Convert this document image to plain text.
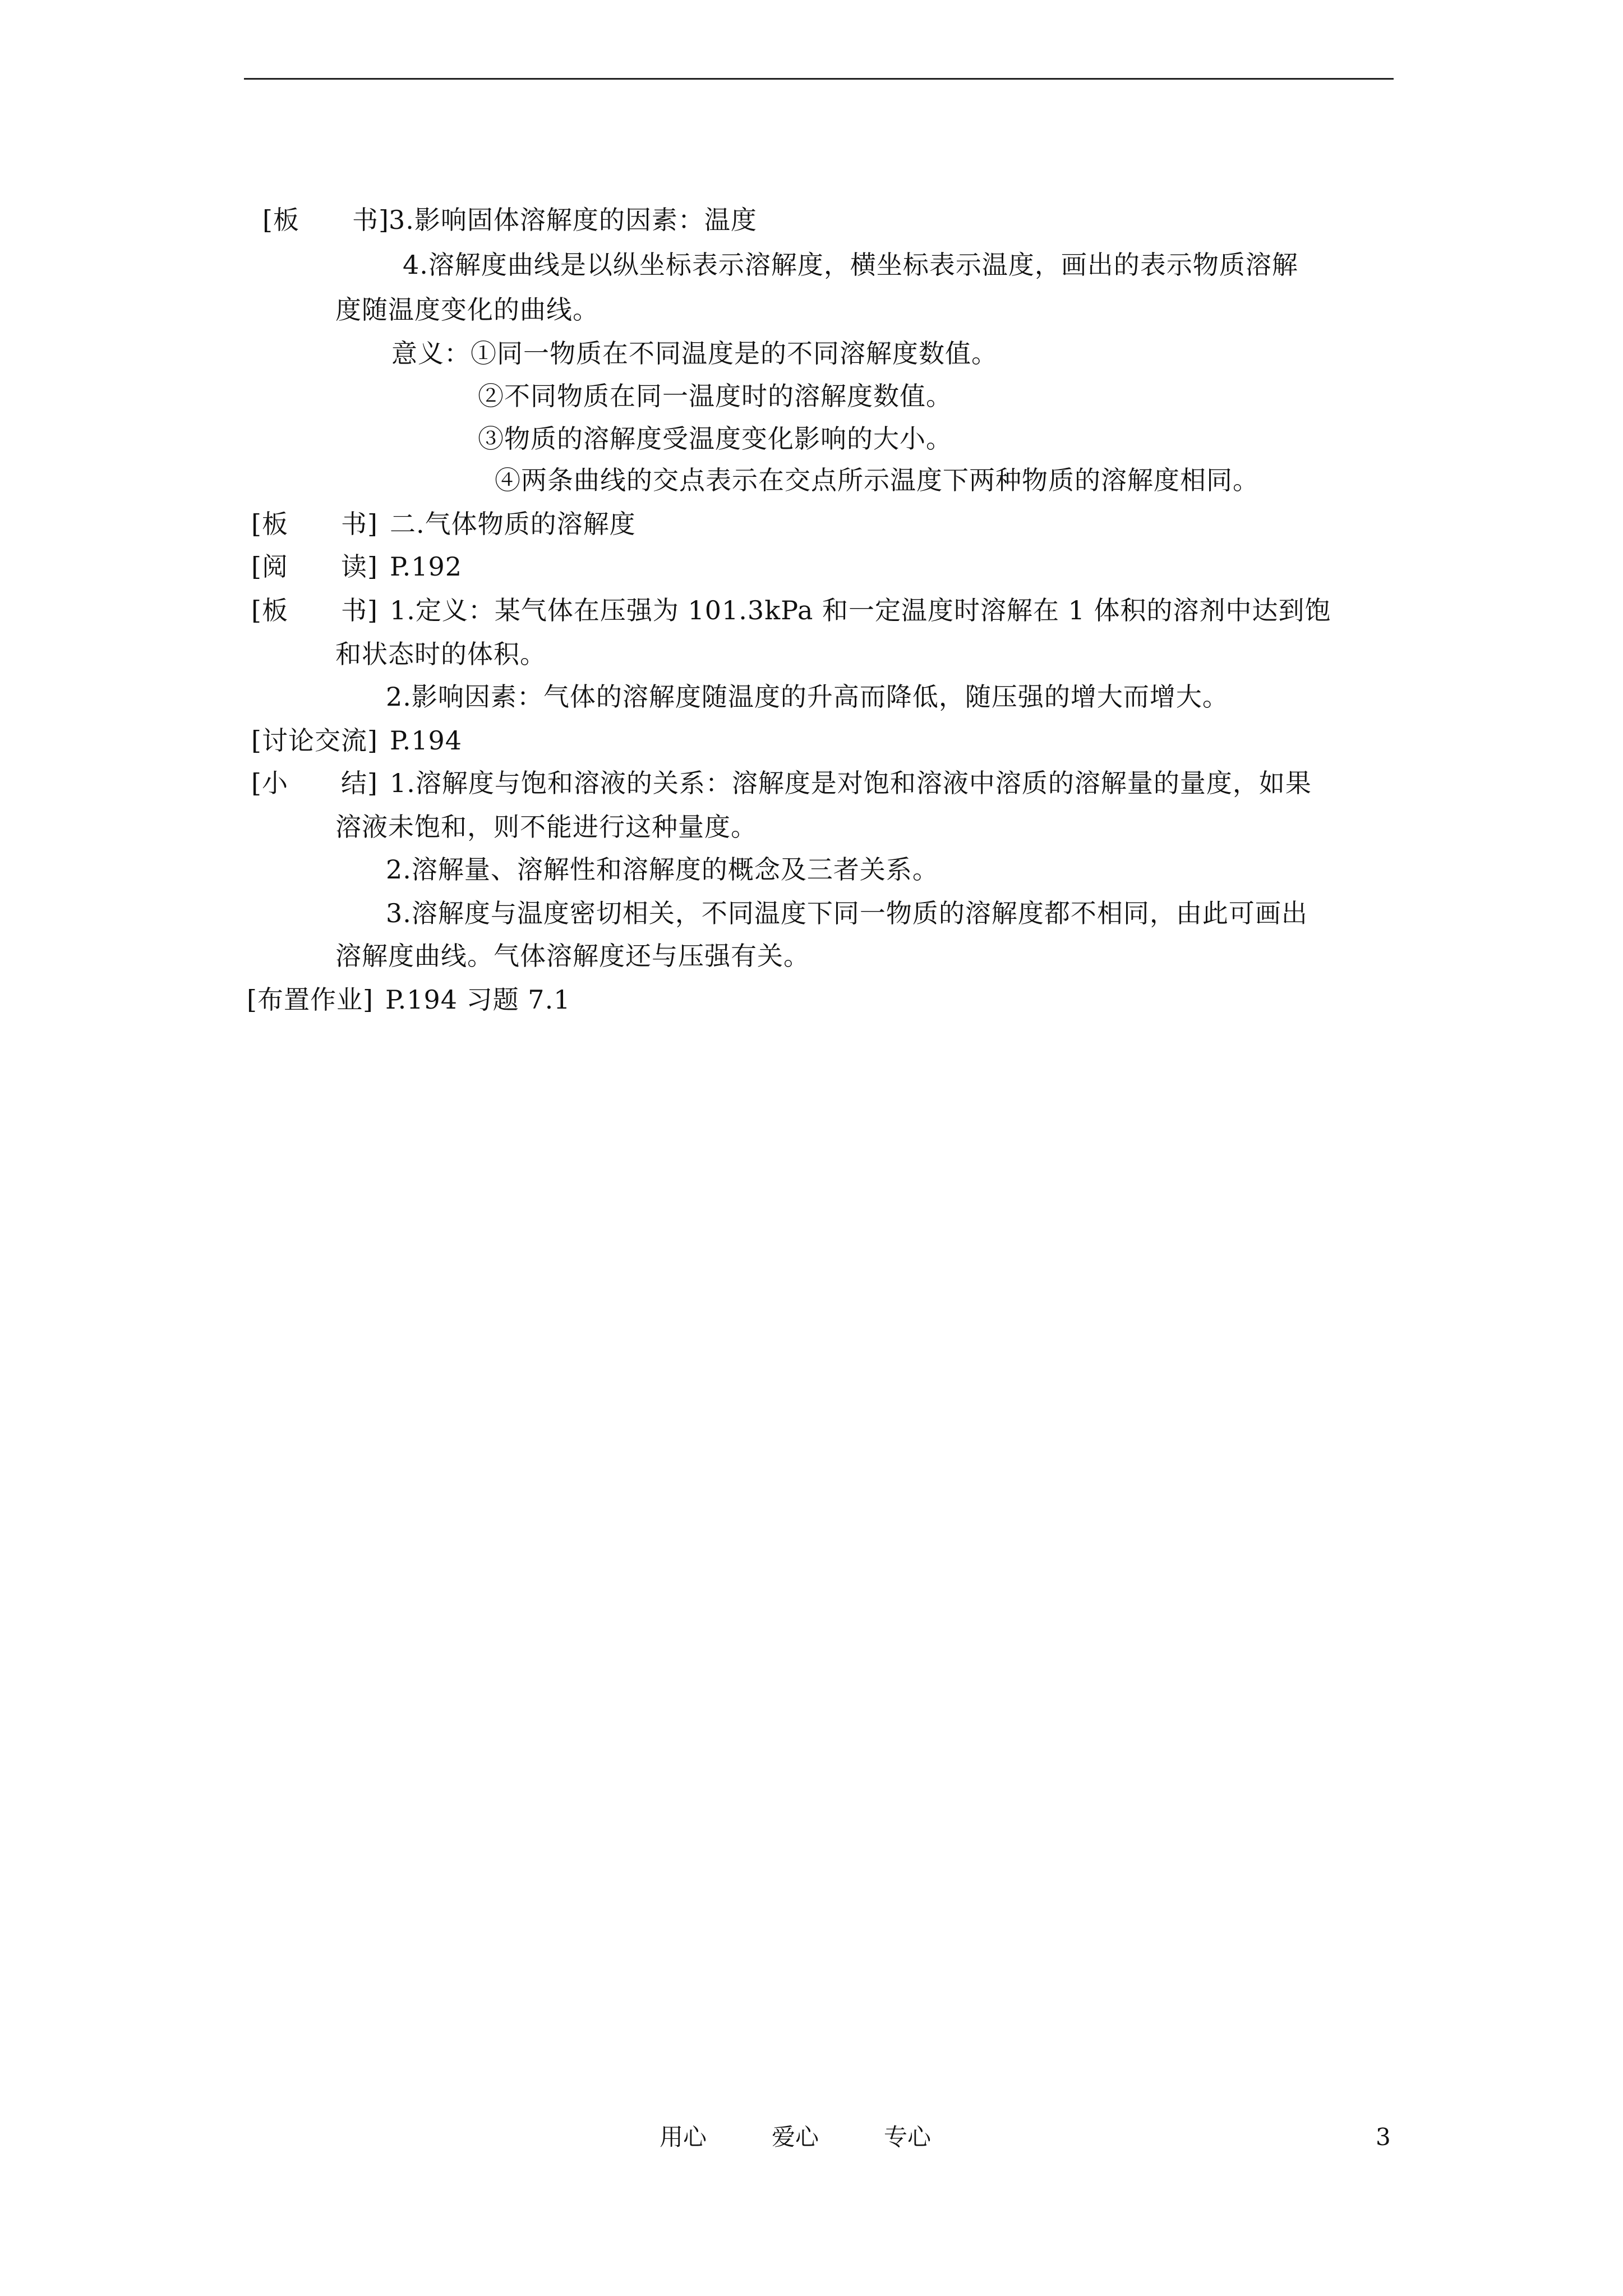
[板　　书]3.影响固体溶解度的因素：温度
4.溶解度曲线是以纵坐标表示溶解度，横坐标表示温度，画出的表示物质溶解
度随温度变化的曲线。
意义：①同一物质在不同温度是的不同溶解度数值。
②不同物质在同一温度时的溶解度数值。
③物质的溶解度受温度变化影响的大小。
④两条曲线的交点表示在交点所示温度下两种物质的溶解度相同。
[板　　书] 二.气体物质的溶解度
[阅　　读] P.192
[板　　书] 1.定义：某气体在压强为 101.3kPa 和一定温度时溶解在 1 体积的溶剂中达到饱
和状态时的体积。
2.影响因素：气体的溶解度随温度的升高而降低，随压强的增大而增大。
[讨论交流] P.194
[小　　结] 1.溶解度与饱和溶液的关系：溶解度是对饱和溶液中溶质的溶解量的量度，如果
溶液未饱和，则不能进行这种量度。
2.溶解量、溶解性和溶解度的概念及三者关系。
3.溶解度与温度密切相关，不同温度下同一物质的溶解度都不相同，由此可画出
溶解度曲线。气体溶解度还与压强有关。
[布置作业] P.194 习题 7.1
用心	爱心	专心	3
